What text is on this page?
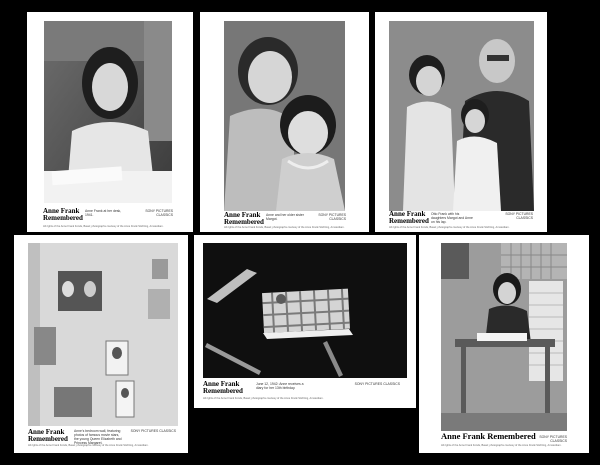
Anne Frank
Remembered
Anne Frank at her desk, 1941.
SONY PICTURES CLASSICS
All rights of the Anne Frank Fonds, Basel; photographs courtesy of the Anne Frank Stichting, Amsterdam.
Anne Frank
Remembered
Anne and her older sister Margot.
SONY PICTURES CLASSICS
All rights of the Anne Frank Fonds, Basel; photographs courtesy of the Anne Frank Stichting, Amsterdam.
Anne Frank
Remembered
Otto Frank with his daughters Margot and Anne on his lap.
SONY PICTURES CLASSICS
All rights of the Anne Frank Fonds, Basel; photographs courtesy of the Anne Frank Stichting, Amsterdam.
Anne Frank
Remembered
Anne's bedroom wall, featuring photos of famous movie stars, the young Queen Elizabeth and Princess Margaret.
SONY PICTURES CLASSICS
All rights of the Anne Frank Fonds, Basel; photographs courtesy of the Anne Frank Stichting, Amsterdam.
Anne Frank
Remembered
June 12, 1942: Anne receives a diary for her 13th birthday.
SONY PICTURES CLASSICS
All rights of the Anne Frank Fonds, Basel; photographs courtesy of the Anne Frank Stichting, Amsterdam.
Anne Frank Remembered	SONY PICTURES CLASSICS
All rights of the Anne Frank Fonds, Basel; photographs courtesy of the Anne Frank Stichting, Amsterdam.
